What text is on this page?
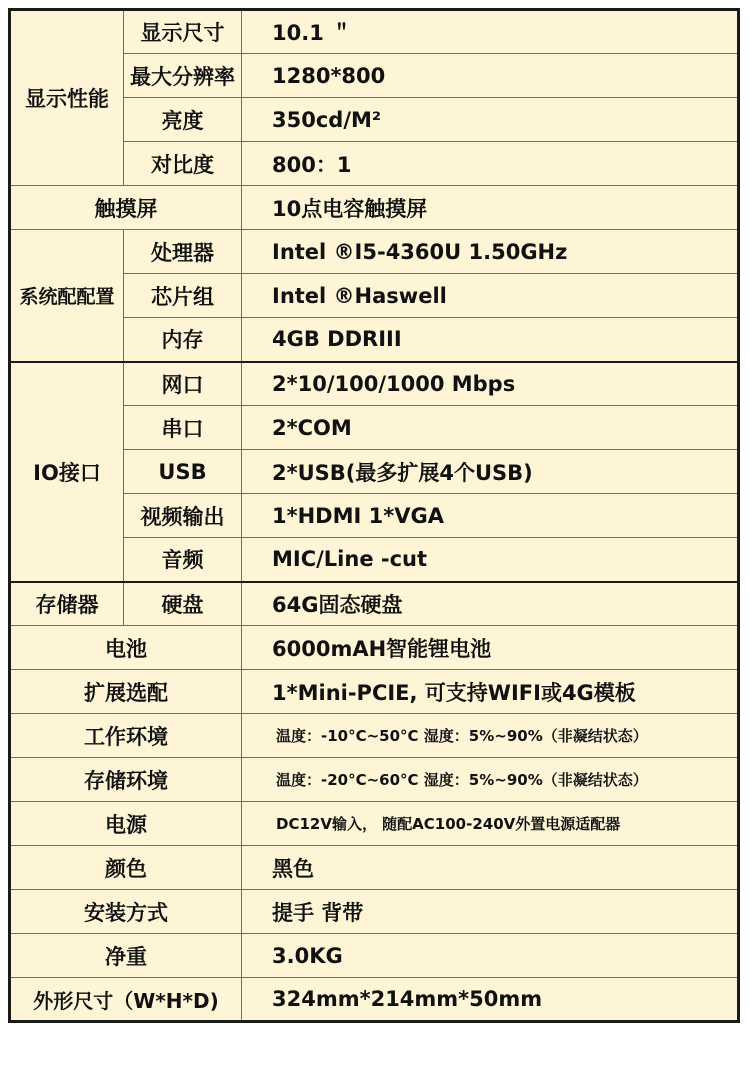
显示性能	显示尺寸	10.1 ＂
	最大分辨率	1280*800
	亮度	350cd/M²
	对比度	800：1
触摸屏		10点电容触摸屏
系统配配置	处理器	Intel ®I5-4360U 1.50GHz
	芯片组	Intel ®Haswell
	内存	4GB DDRIII
IO接口	网口	2*10/100/1000 Mbps
	串口	2*COM
	USB	2*USB(最多扩展4个USB)
	视频输出	1*HDMI 1*VGA
	音频	MIC/Line -cut
存储器	硬盘	64G固态硬盘
电池		6000mAH智能锂电池
扩展选配		1*Mini-PCIE, 可支持WIFI或4G模板
工作环境		温度：-10°C~50°C 湿度：5%~90%（非凝结状态）
存储环境		温度：-20°C~60°C 湿度：5%~90%（非凝结状态）
电源		DC12V输入， 随配AC100-240V外置电源适配器
颜色		黑色
安装方式		提手 背带
净重		3.0KG
外形尺寸（W*H*D)		324mm*214mm*50mm
